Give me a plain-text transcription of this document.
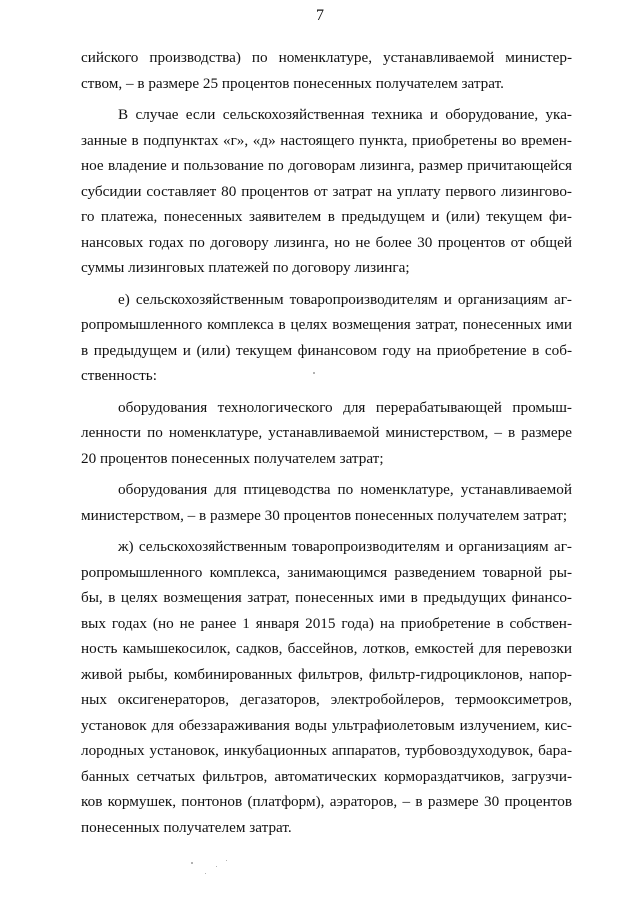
7
сийского производства) по номенклатуре, устанавливаемой министер-
ством, – в размере 25 процентов понесенных получателем затрат.
В случае если сельскохозяйственная техника и оборудование, ука-
занные в подпунктах «г», «д» настоящего пункта, приобретены во времен-
ное владение и пользование по договорам лизинга, размер причитающейся
субсидии составляет 80 процентов от затрат на уплату первого лизингово-
го платежа, понесенных заявителем в предыдущем и (или) текущем фи-
нансовых годах по договору лизинга, но не более 30 процентов от общей
суммы лизинговых платежей по договору лизинга;
е) сельскохозяйственным товаропроизводителям и организациям аг-
ропромышленного комплекса в целях возмещения затрат, понесенных ими
в предыдущем и (или) текущем финансовом году на приобретение в соб-
ственность:
оборудования технологического для перерабатывающей промыш-
ленности по номенклатуре, устанавливаемой министерством, – в размере
20 процентов понесенных получателем затрат;
оборудования для птицеводства по номенклатуре, устанавливаемой
министерством, – в размере 30 процентов понесенных получателем затрат;
ж) сельскохозяйственным товаропроизводителям и организациям аг-
ропромышленного комплекса, занимающимся разведением товарной ры-
бы, в целях возмещения затрат, понесенных ими в предыдущих финансо-
вых годах (но не ранее 1 января 2015 года) на приобретение в собствен-
ность камышекосилок, садков, бассейнов, лотков, емкостей для перевозки
живой рыбы, комбинированных фильтров, фильтр-гидроциклонов, напор-
ных оксигенераторов, дегазаторов, электробойлеров, термооксиметров,
установок для обеззараживания воды ультрафиолетовым излучением, кис-
лородных установок, инкубационных аппаратов, турбовоздуходувок, бара-
банных сетчатых фильтров, автоматических кормораздатчиков, загрузчи-
ков кормушек, понтонов (платформ), аэраторов, – в размере 30 процентов
понесенных получателем затрат.
